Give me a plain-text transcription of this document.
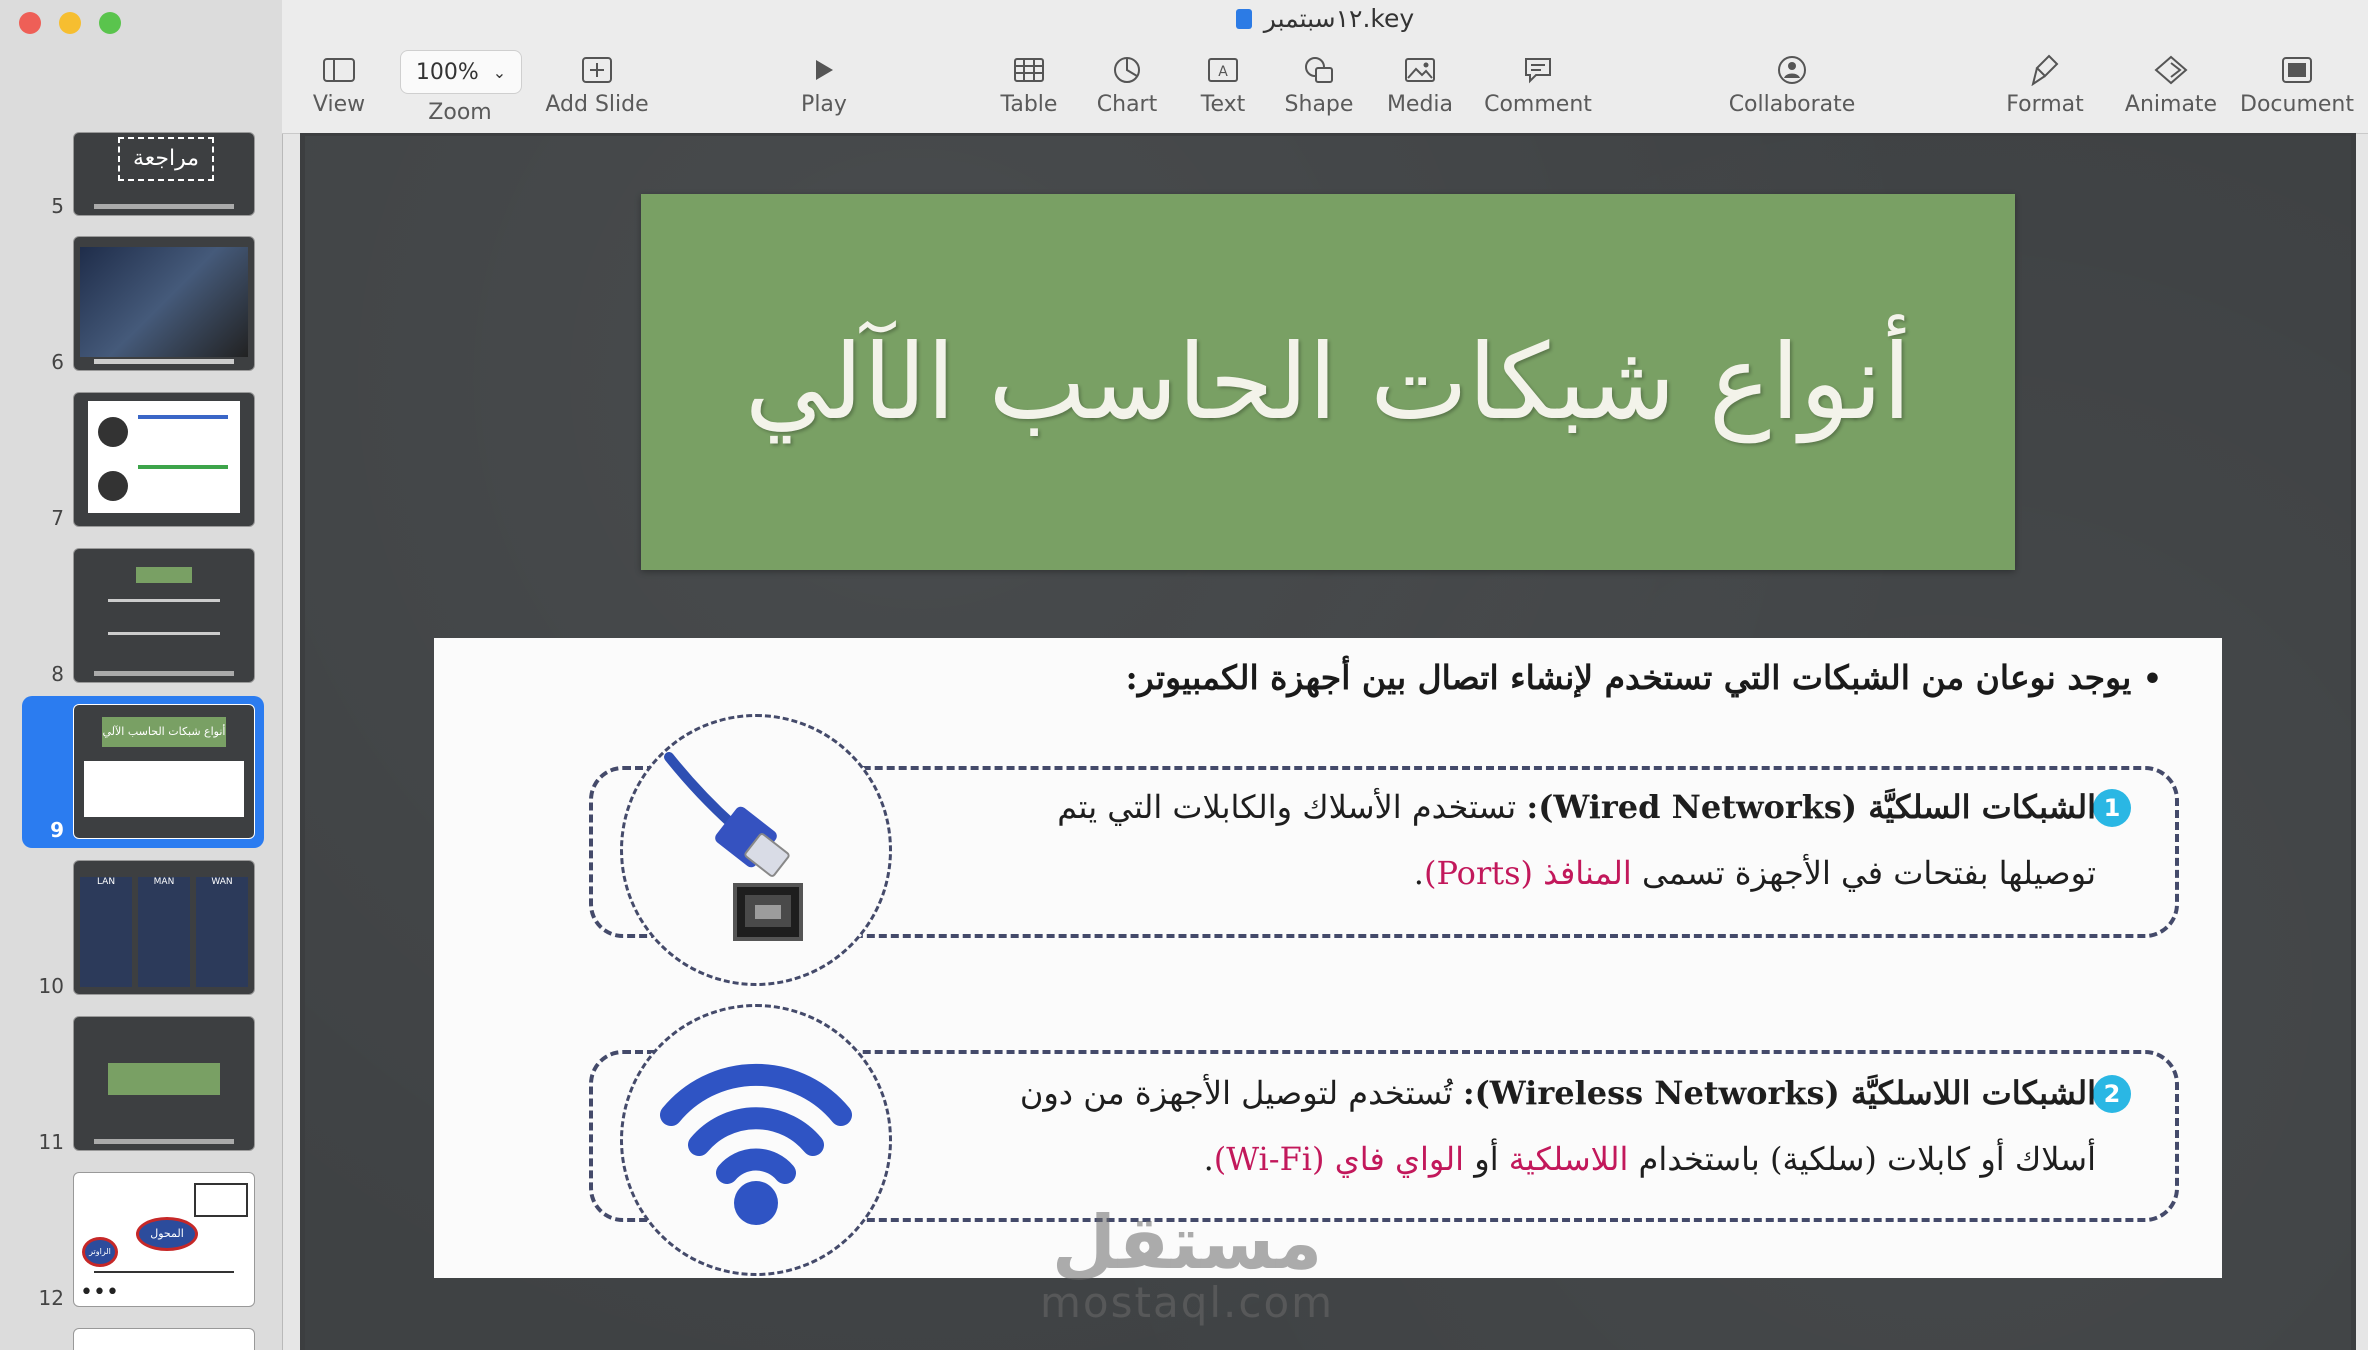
مراجعة
5
6
7
8
أنواع شبكات الحاسب الآلي
9
LAN	MAN	WAN
10
11
المحول
الراوتر
12 •••
١٢سبتمبر.key
View
100% ⌄
Zoom	Add Slide	Play	Table Chart
A
Text Shape Media Comment	Collaborate	Format Animate Document
أنواع شبكات الحاسب الآلي
• يوجد نوعان من الشبكات التي تستخدم لإنشاء اتصال بين أجهزة الكمبيوتر:
1
الشبكات السلكيَّة (Wired Networks): تستخدم الأسلاك والكابلات التي يتم
توصيلها بفتحات في الأجهزة تسمى المنافذ (Ports).
2
الشبكات اللاسلكيَّة (Wireless Networks): تُستخدم لتوصيل الأجهزة من دون
أسلاك أو كابلات (سلكية) باستخدام اللاسلكية أو الواي فاي (Wi-Fi).
مستقل
mostaql.com
